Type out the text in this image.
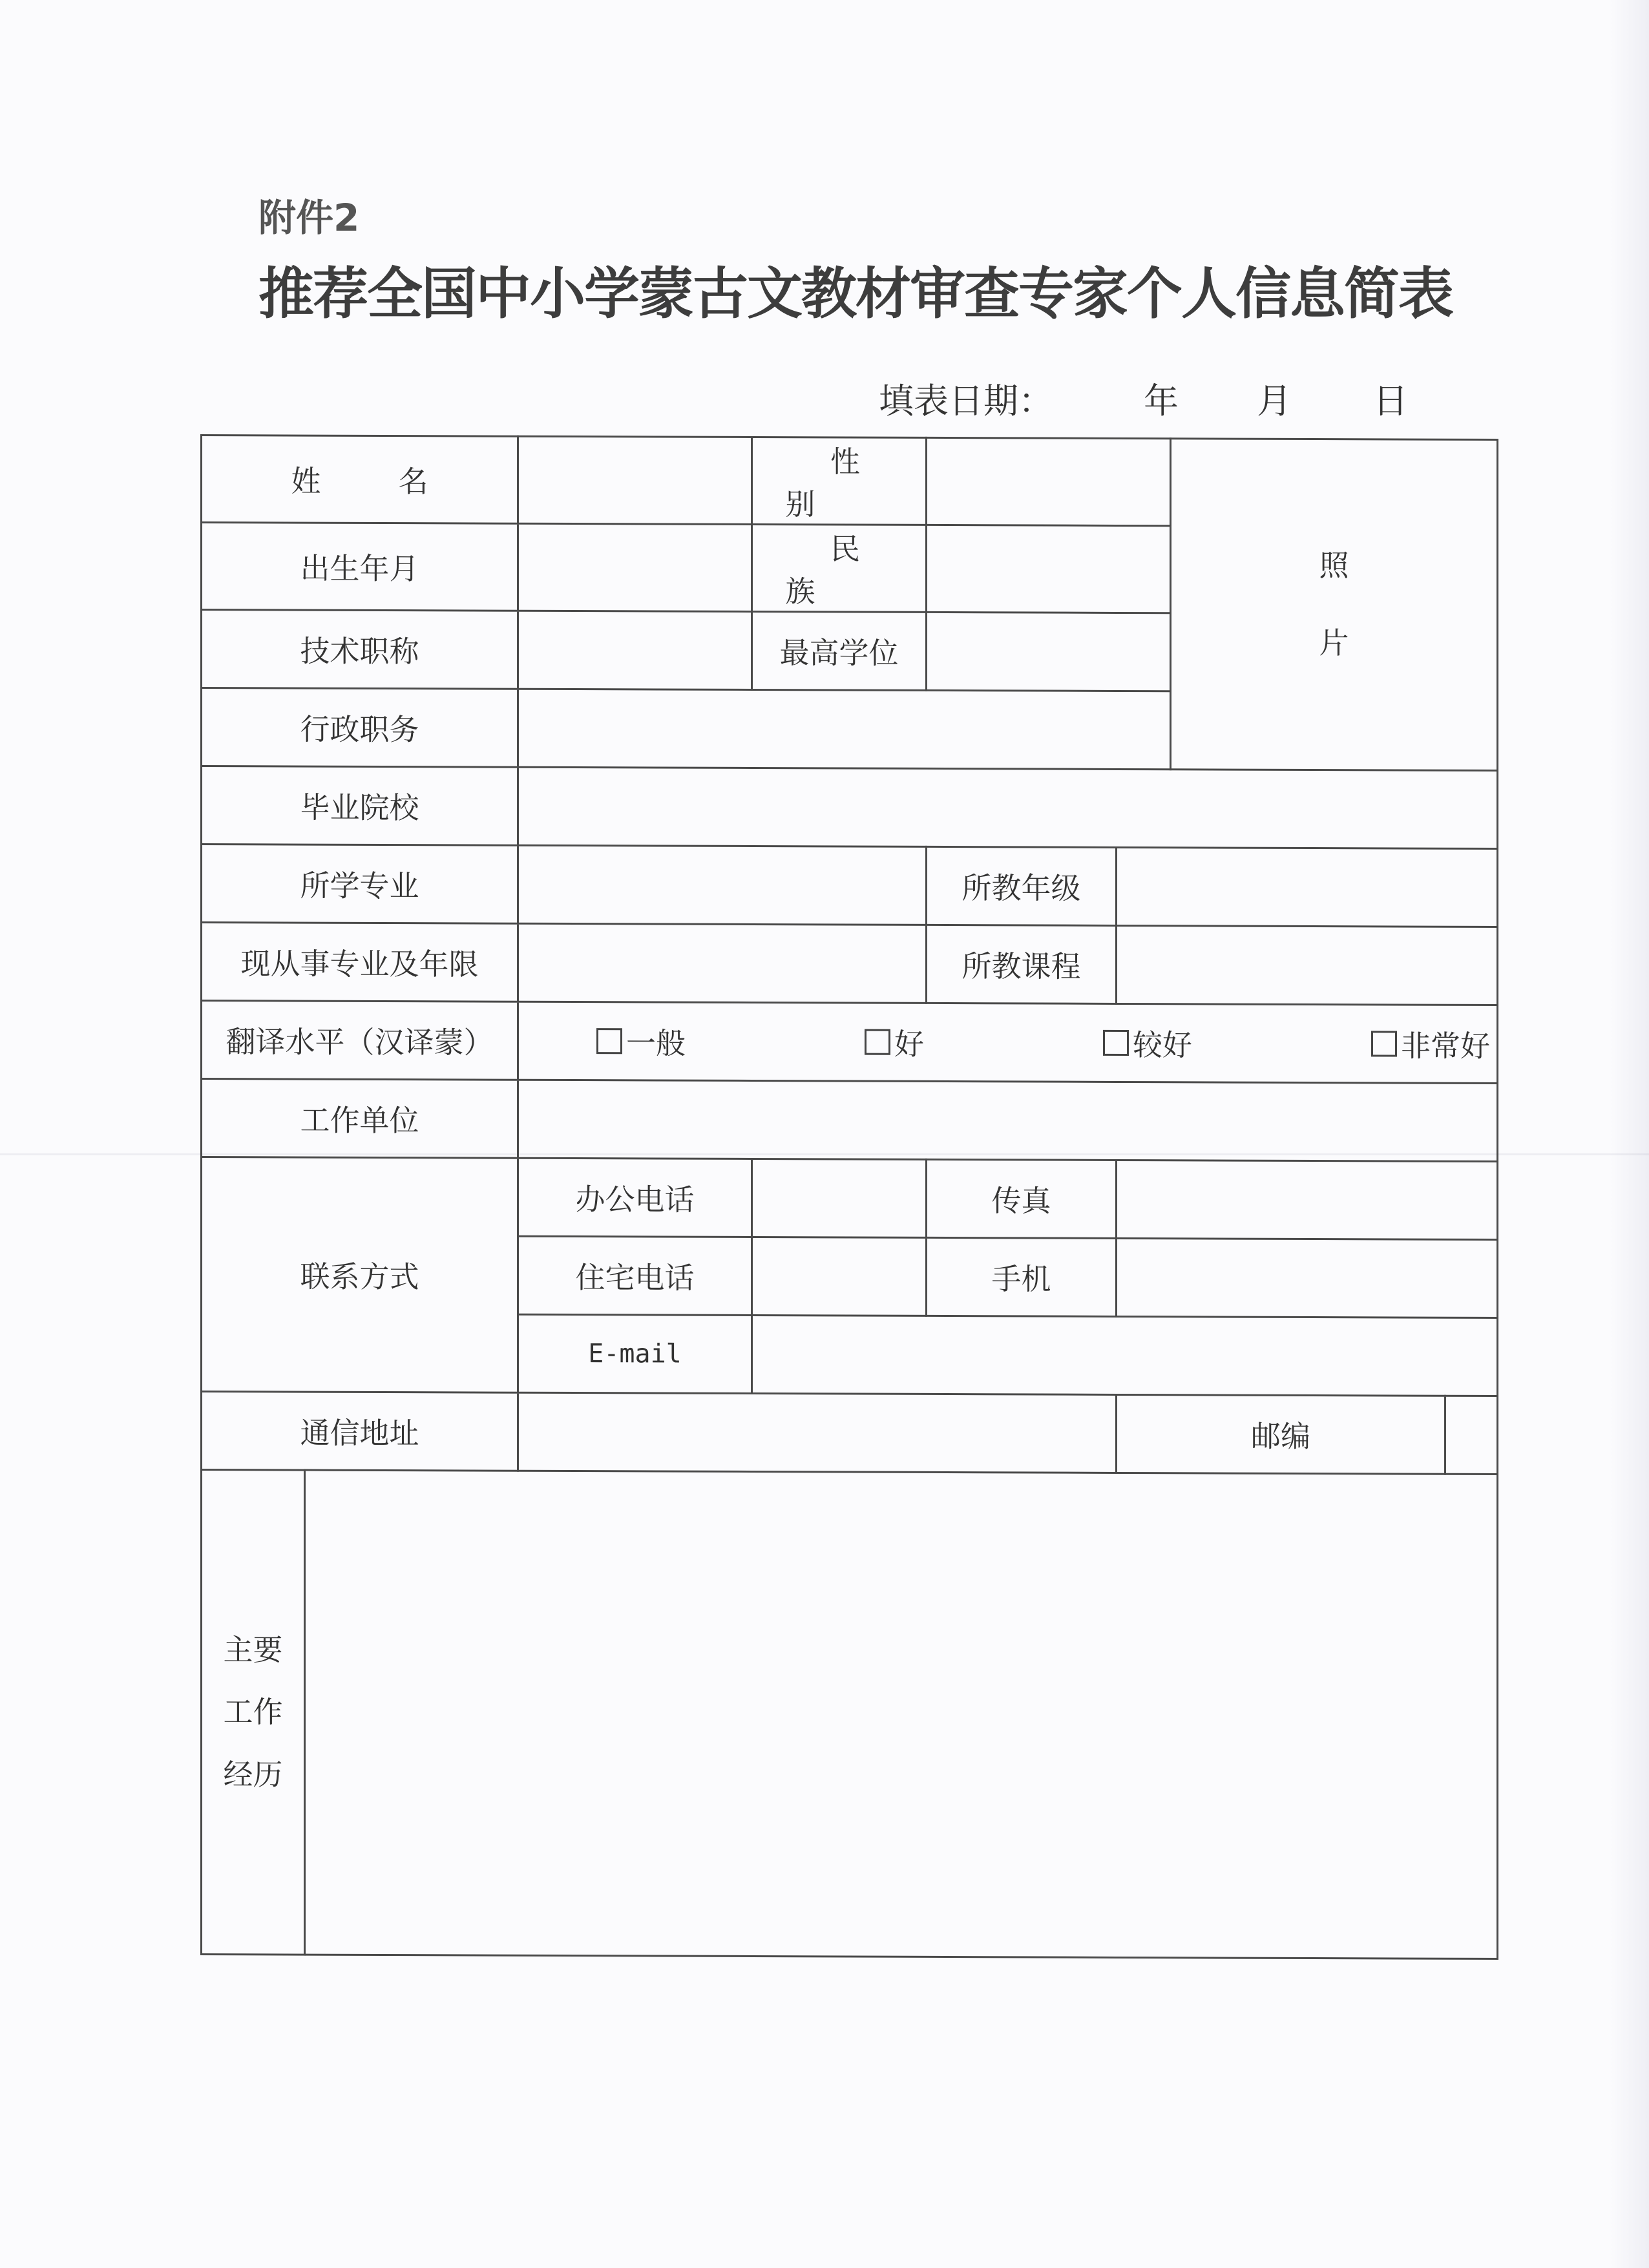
附件2
推荐全国中小学蒙古文教材审查专家个人信息简表
填表日期：	年 月 日
姓名			性别			照
片	

出生年月			民族				
技术职称			最高学位				
行政职务							
毕业院校							
所学专业				所教年级			
现从事专业及年限				所教课程			
翻译水平（汉译蒙）		一般 好 较好 非常好					

工作单位							
联系方式		办公电话		传真			
		住宅电话		手机			
		E-mail					
通信地址					邮编		

主要
工作
经历							
